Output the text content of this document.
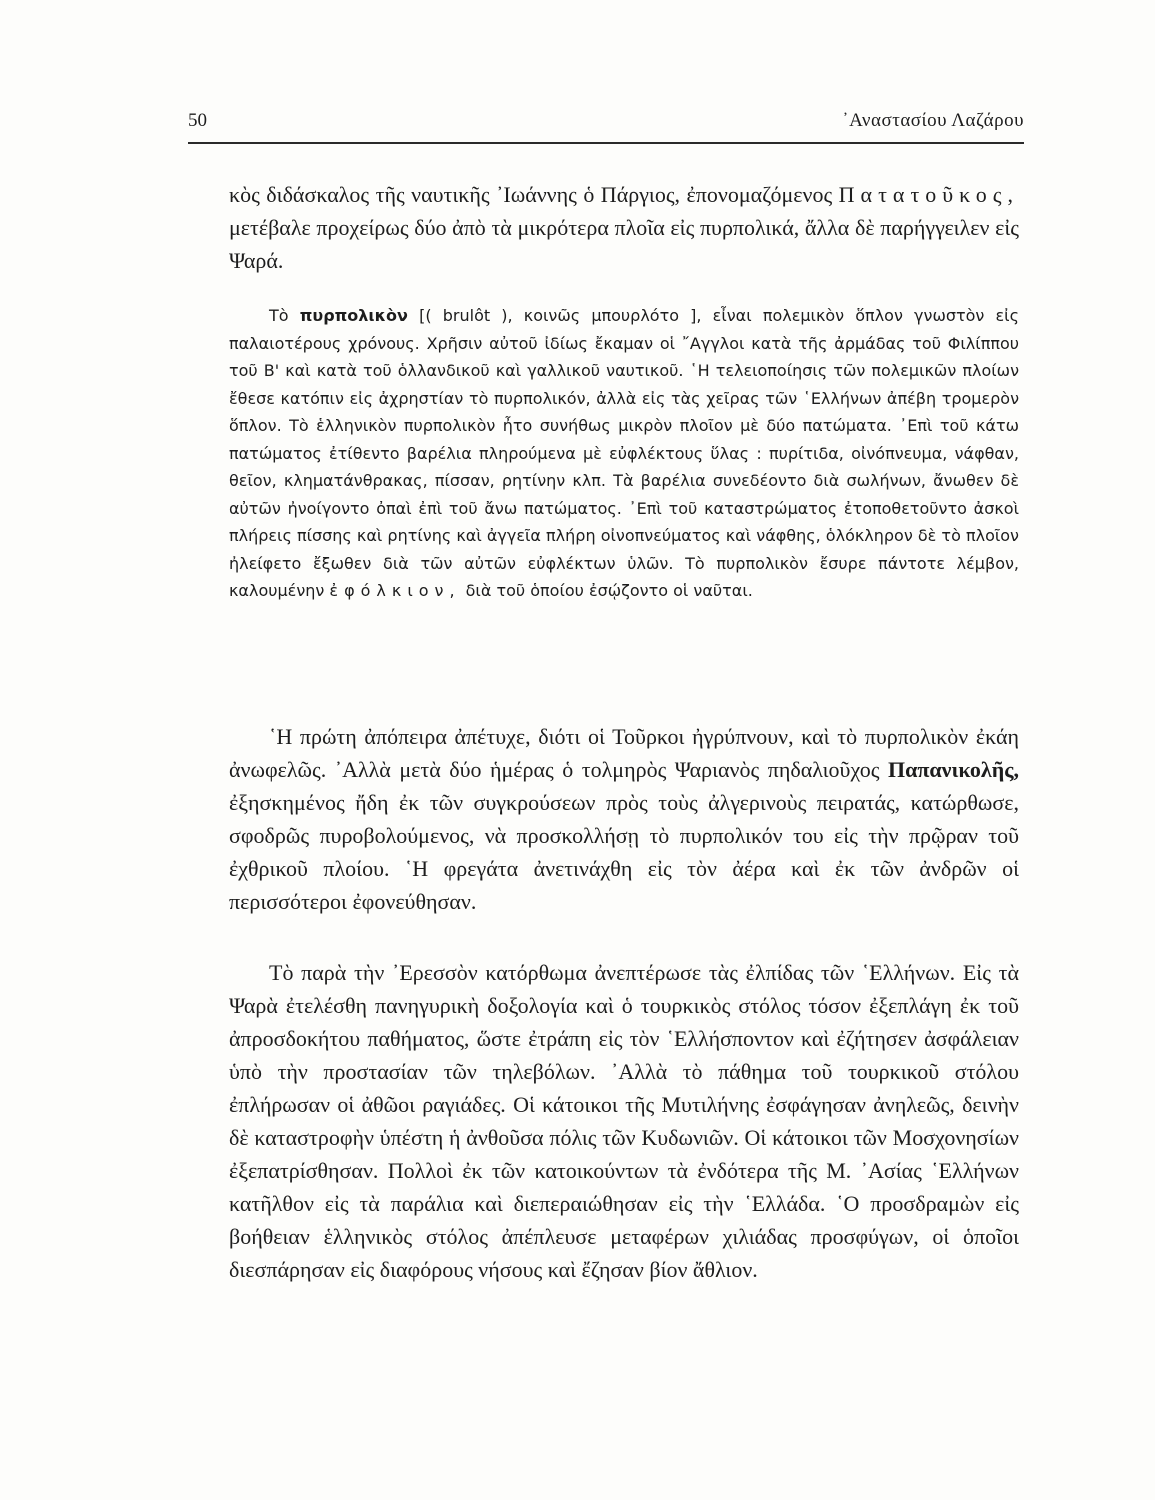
50	᾿Αναστασίου Λαζάρου

κὸς διδάσκαλος τῆς ναυτικῆς ᾿Ιωάννης ὁ Πάργιος, ἐπονομαζόμενος Πατατοῦκος, μετέβαλε προχείρως δύο ἀπὸ τὰ μικρότερα πλοῖα εἰς πυρπολικά, ἄλλα δὲ παρήγγειλεν εἰς Ψαρά.

Τὸ πυρπολικὸν [( brulôt ), κοινῶς μπουρλότο ], εἶναι πολεμικὸν ὅπλον γνωστὸν εἰς παλαιοτέρους χρόνους. Χρῆσιν αὐτοῦ ἰδίως ἔκαμαν οἱ ῎Αγγλοι κατὰ τῆς ἀρμάδας τοῦ Φιλίππου τοῦ Β' καὶ κατὰ τοῦ ὁλλανδικοῦ καὶ γαλλικοῦ ναυτικοῦ. ῾Η τελειοποίησις τῶν πολεμικῶν πλοίων ἔθεσε κατόπιν εἰς ἀχρηστίαν τὸ πυρπολικόν, ἀλλὰ εἰς τὰς χεῖρας τῶν ῾Ελλήνων ἀπέβη τρομερὸν ὅπλον. Τὸ ἑλληνικὸν πυρπολικὸν ἦτο συνήθως μικρὸν πλοῖον μὲ δύο πατώματα. ᾿Επὶ τοῦ κάτω πατώματος ἐτίθεντο βαρέλια πληρούμενα μὲ εὐφλέκτους ὕλας : πυρίτιδα, οἰνόπνευμα, νάφθαν, θεῖον, κληματάνθρακας, πίσσαν, ρητίνην κλπ. Τὰ βαρέλια συνεδέοντο διὰ σωλήνων, ἄνωθεν δὲ αὐτῶν ἠνοίγοντο ὀπαὶ ἐπὶ τοῦ ἄνω πατώματος. ᾿Επὶ τοῦ καταστρώματος ἐτοποθετοῦντο ἀσκοὶ πλήρεις πίσσης καὶ ρητίνης καὶ ἀγγεῖα πλήρη οἰνοπνεύματος καὶ νάφθης, ὁλόκληρον δὲ τὸ πλοῖον ἠλείφετο ἔξωθεν διὰ τῶν αὐτῶν εὐφλέκτων ὑλῶν. Τὸ πυρπολικὸν ἔσυρε πάντοτε λέμβον, καλουμένην ἐφόλκιον, διὰ τοῦ ὁποίου ἐσῴζοντο οἱ ναῦται.

῾Η πρώτη ἀπόπειρα ἀπέτυχε, διότι οἱ Τοῦρκοι ἠγρύπνουν, καὶ τὸ πυρπολικὸν ἐκάη ἀνωφελῶς. ᾿Αλλὰ μετὰ δύο ἡμέρας ὁ τολμηρὸς Ψαριανὸς πηδαλιοῦχος Παπανικολῆς, ἐξησκημένος ἤδη ἐκ τῶν συγκρούσεων πρὸς τοὺς ἀλγερινοὺς πειρατάς, κατώρθωσε, σφοδρῶς πυροβολούμενος, νὰ προσκολλήσῃ τὸ πυρπολικόν του εἰς τὴν πρῷραν τοῦ ἐχθρικοῦ πλοίου. ῾Η φρεγάτα ἀνετινάχθη εἰς τὸν ἀέρα καὶ ἐκ τῶν ἀνδρῶν οἱ περισσότεροι ἐφονεύθησαν.

Τὸ παρὰ τὴν ᾿Ερεσσὸν κατόρθωμα ἀνεπτέρωσε τὰς ἐλπίδας τῶν ῾Ελλήνων. Εἰς τὰ Ψαρὰ ἐτελέσθη πανηγυρικὴ δοξολογία καὶ ὁ τουρκικὸς στόλος τόσον ἐξεπλάγη ἐκ τοῦ ἀπροσδοκήτου παθήματος, ὥστε ἐτράπη εἰς τὸν ῾Ελλήσποντον καὶ ἐζήτησεν ἀσφάλειαν ὑπὸ τὴν προστασίαν τῶν τηλεβόλων. ᾿Αλλὰ τὸ πάθημα τοῦ τουρκικοῦ στόλου ἐπλήρωσαν οἱ ἀθῶοι ραγιάδες. Οἱ κάτοικοι τῆς Μυτιλήνης ἐσφάγησαν ἀνηλεῶς, δεινὴν δὲ καταστροφὴν ὑπέστη ἡ ἀνθοῦσα πόλις τῶν Κυδωνιῶν. Οἱ κάτοικοι τῶν Μοσχονησίων ἐξεπατρίσθησαν. Πολλοὶ ἐκ τῶν κατοικούντων τὰ ἐνδότερα τῆς Μ. ᾿Ασίας ῾Ελλήνων κατῆλθον εἰς τὰ παράλια καὶ διεπεραιώθησαν εἰς τὴν ῾Ελλάδα. ῾Ο προσδραμὼν εἰς βοήθειαν ἑλληνικὸς στόλος ἀπέπλευσε μεταφέρων χιλιάδας προσφύγων, οἱ ὁποῖοι διεσπάρησαν εἰς διαφόρους νήσους καὶ ἔζησαν βίον ἄθλιον.
